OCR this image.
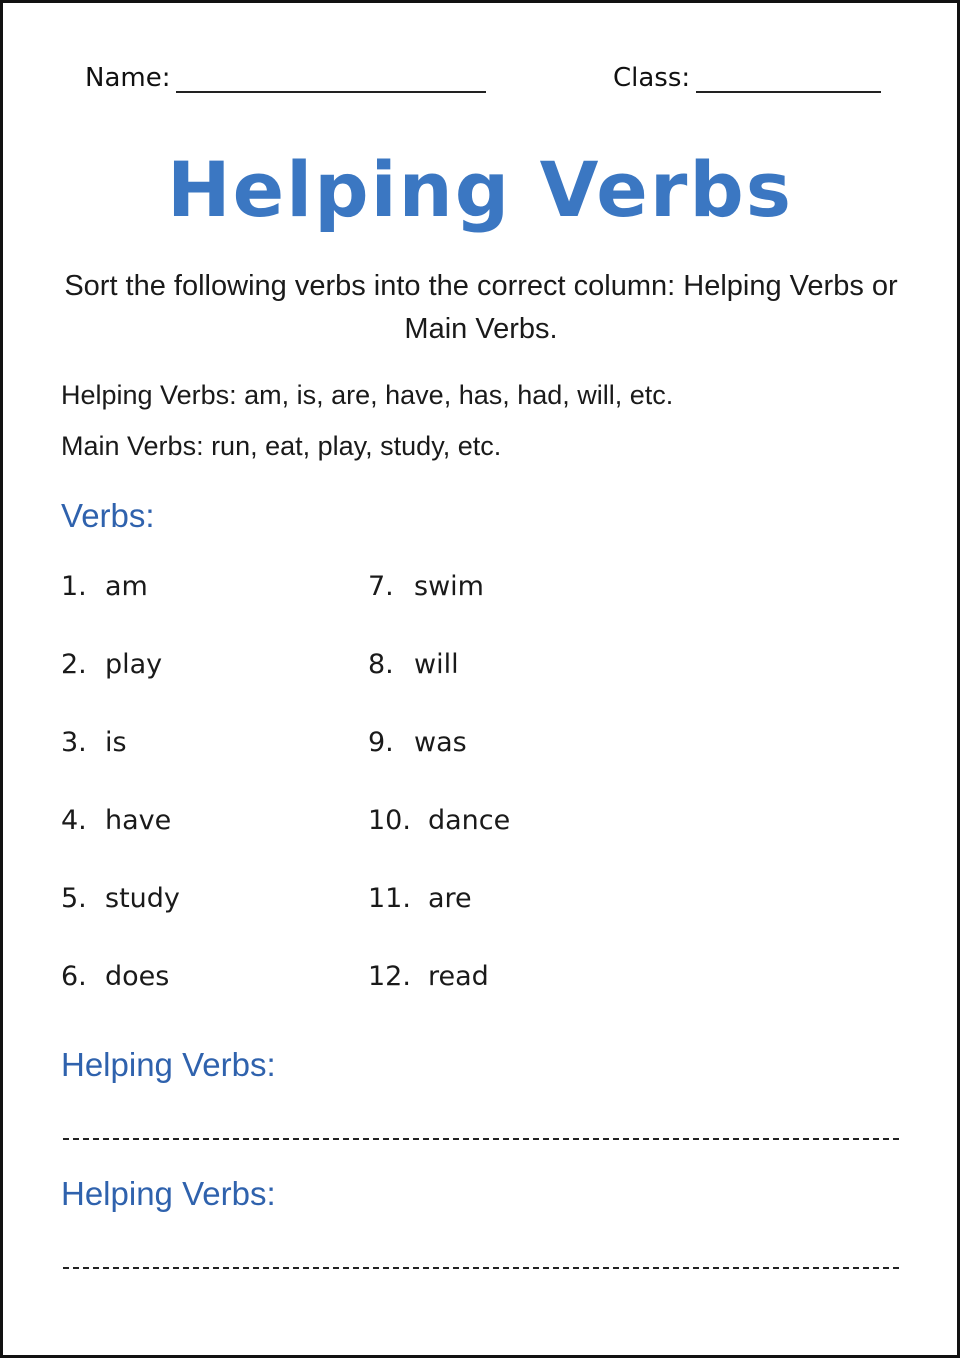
Name:	Class:
Helping Verbs
Sort the following verbs into the correct column: Helping Verbs or Main Verbs.
Helping Verbs: am, is, are, have, has, had, will, etc.
Main Verbs: run, eat, play, study, etc.
Verbs:
1. am
2. play
3. is
4. have
5. study
6. does
7. swim
8. will
9. was
10. dance
11. are
12. read
Helping Verbs:
Helping Verbs:
